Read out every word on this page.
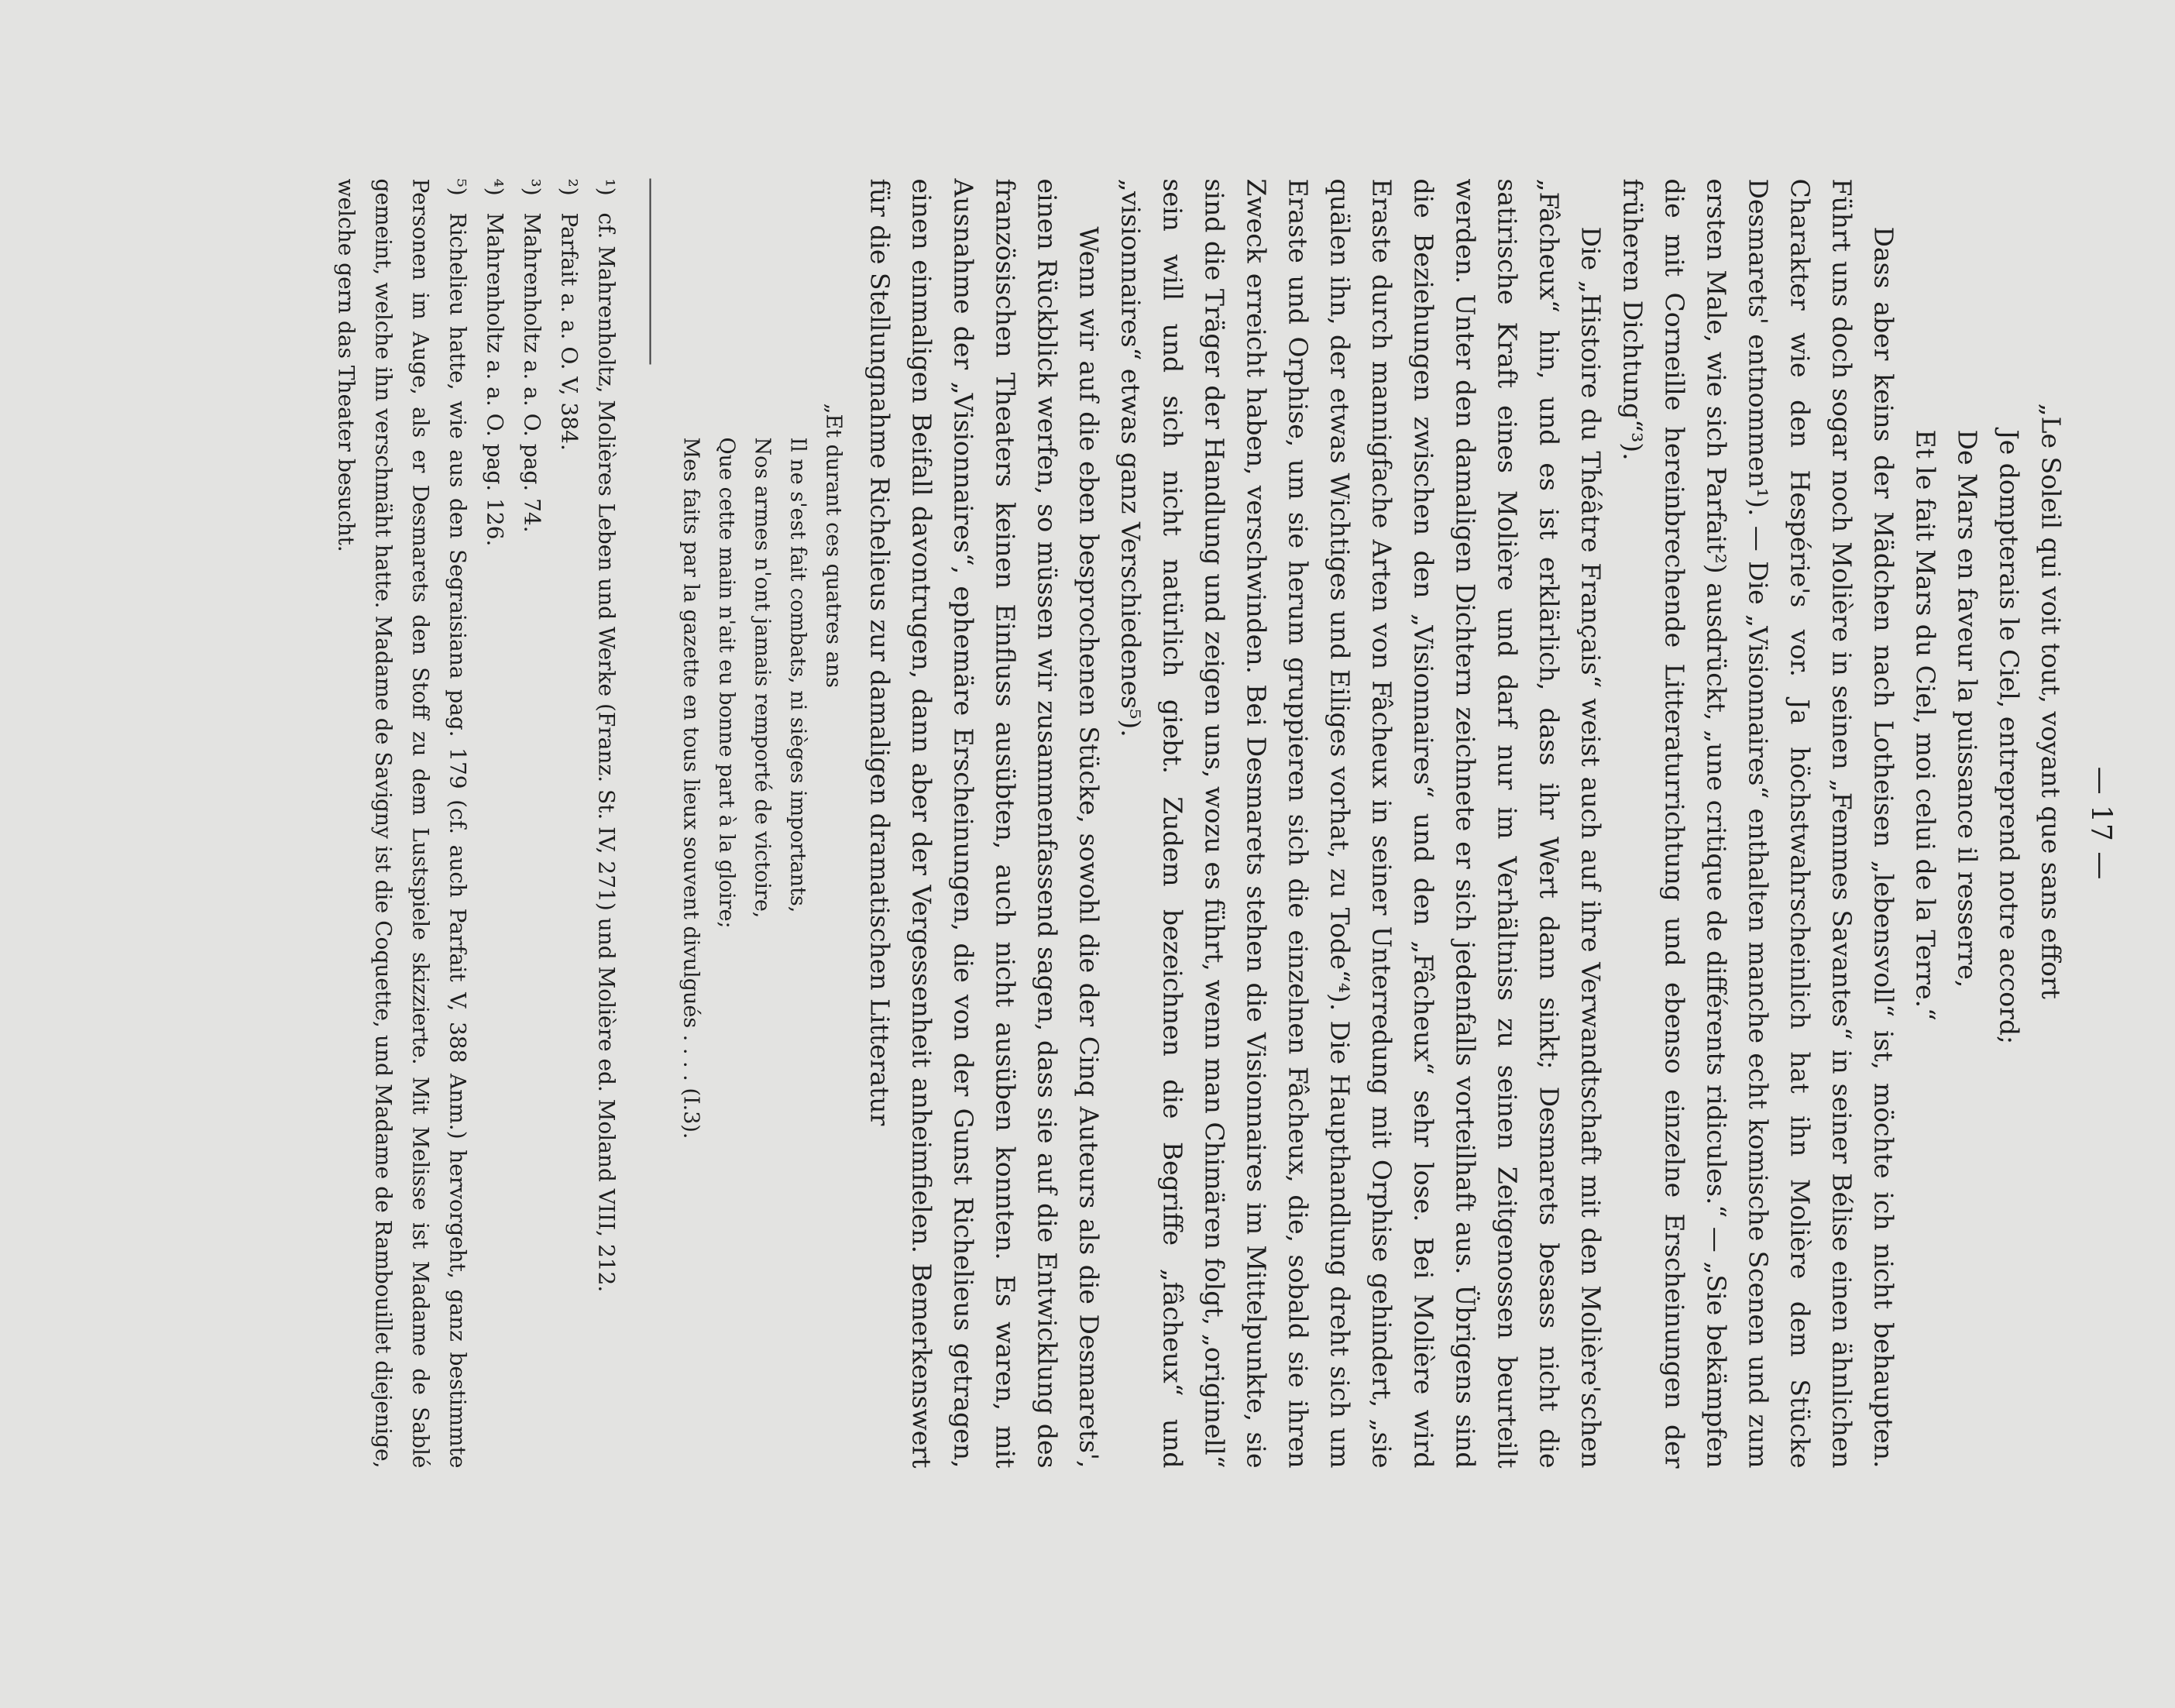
— 17 —
„Le Soleil qui voit tout, voyant que sans effort
Je dompterais le Ciel, entreprend notre accord;
De Mars en faveur la puissance il resserre,
Et le fait Mars du Ciel, moi celui de la Terre.“

Dass aber keins der Mädchen nach Lotheisen „lebensvoll“ ist, möchte ich nicht behaupten. Führt uns doch sogar noch Molière in seinen „Femmes Savantes“ in seiner Bélise einen ähnlichen Charakter wie den Hespérie's vor. Ja höchstwahrscheinlich hat ihn Molière dem Stücke Desmarets' entnommen¹). — Die „Visionnaires“ enthalten manche echt komische Scenen und zum ersten Male, wie sich Parfait²) ausdrückt, „une critique de différents ridicules.“ — „Sie bekämpfen die mit Corneille hereinbrechende Litteraturrichtung und ebenso einzelne Erscheinungen der früheren Dichtung“³).

Die „Histoire du Théâtre Français“ weist auch auf ihre Verwandtschaft mit den Molière'schen „Fâcheux“ hin, und es ist erklärlich, dass ihr Wert dann sinkt; Desmarets besass nicht die satirische Kraft eines Molière und darf nur im Verhältniss zu seinen Zeitgenossen beurteilt werden. Unter den damaligen Dichtern zeichnete er sich jedenfalls vorteilhaft aus. Übrigens sind die Beziehungen zwischen den „Visionnaires“ und den „Fâcheux“ sehr lose. Bei Molière wird Eraste durch mannigfache Arten von Fâcheux in seiner Unterredung mit Orphise gehindert, „sie quälen ihn, der etwas Wichtiges und Eiliges vorhat, zu Tode“⁴). Die Haupthandlung dreht sich um Eraste und Orphise, um sie herum gruppieren sich die einzelnen Fâcheux, die, sobald sie ihren Zweck erreicht haben, verschwinden. Bei Desmarets stehen die Visionnaires im Mittelpunkte, sie sind die Träger der Handlung und zeigen uns, wozu es führt, wenn man Chimären folgt, „originell“ sein will und sich nicht natürlich giebt. Zudem bezeichnen die Begriffe „fâcheux“ und „visionnaires“ etwas ganz Verschiedenes⁵).

Wenn wir auf die eben besprochenen Stücke, sowohl die der Cinq Auteurs als die Desmarets', einen Rückblick werfen, so müssen wir zusammenfassend sagen, dass sie auf die Entwicklung des französischen Theaters keinen Einfluss ausübten, auch nicht ausüben konnten. Es waren, mit Ausnahme der „Visionnaires“, ephemäre Erscheinungen, die von der Gunst Richelieus getragen, einen einmaligen Beifall davontrugen, dann aber der Vergessenheit anheimfielen. Bemerkenswert für die Stellungnahme Richelieus zur damaligen dramatischen Litteratur

„Et durant ces quatres ans
Il ne s'est fait combats, ni sièges importants,
Nos armes n'ont jamais remporté de victoire,
Que cette main n'ait eu bonne part à la gloire;
Mes faits par la gazette en tous lieux souvent divulgués . . . . (I.3).
¹)cf. Mahrenholtz, Molières Leben und Werke (Franz. St. IV, 271) und Molière ed. Moland VIII, 212.
²)Parfait a. a. O. V, 384.
³)Mahrenholtz a. a. O. pag. 74.
⁴)Mahrenholtz a. a. O. pag. 126.
⁵)Richelieu hatte, wie aus den Segraisiana pag. 179 (cf. auch Parfait V, 388 Anm.) hervorgeht, ganz bestimmte Personen im Auge, als er Desmarets den Stoff zu dem Lustspiele skizzierte. Mit Melisse ist Madame de Sablé gemeint, welche ihn verschmäht hatte. Madame de Savigny ist die Coquette, und Madame de Rambouillet diejenige, welche gern das Theater besucht.
